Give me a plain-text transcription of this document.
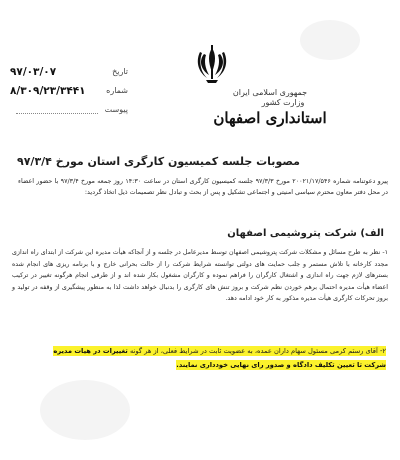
تاریخ
۹۷/۰۳/۰۷
شماره
۸/۳۰۹/۲۳/۳۴۴۱
پیوست
جمهوری اسلامی ایران
وزارت کشور
استانداری اصفهان
مصوبات جلسه کمیسیون کارگری استان مورخ ۹۷/۳/۴
پیرو دعوتنامه شماره ۲۰۰۲۱/۱۷/۵۴۶ مورخ ۹۷/۳/۳ جلسه کمیسیون کارگری استان در ساعت ۱۴:۳۰ روز جمعه مورخ ۹۷/۳/۴ با حضور اعضاء در محل دفتر معاون محترم سیاسی امنیتی و اجتماعی تشکیل و پس از بحث و تبادل نظر تصمیمات ذیل اتخاذ گردید:
الف) شرکت پتروشیمی اصفهان
۱- نظر به طرح مسائل و مشکلات شرکت پتروشیمی اصفهان توسط مدیرعامل در جلسه و از آنجاکه هیأت مدیره این شرکت از ابتدای راه اندازی مجدد کارخانه با تلاش مستمر و جلب حمایت های دولتی توانسته شرایط شرکت را از حالت بحرانی خارج و با برنامه ریزی های انجام شده بسترهای لازم جهت راه اندازی و اشتغال کارگران را فراهم نموده و کارگران مشغول بکار شده اند و از طرفی انجام هرگونه تغییر در ترکیب اعضاء هیأت مدیره احتمال برهم خوردن نظم شرکت و بروز تنش های کارگری را بدنبال خواهد داشت لذا به منظور پیشگیری از وقفه در تولید و بروز تحرکات کارگری هیأت مدیره مذکور به کار خود ادامه دهد.
۲- آقای رستم کرمی مسئول سهام داران عمده، به عضویت ثابت در شرایط فعلی، از هر گونه تغییرات در هیات مدیره شرکت تا تعیین تکلیف دادگاه و صدور رای نهایی خودداری نمایند.
